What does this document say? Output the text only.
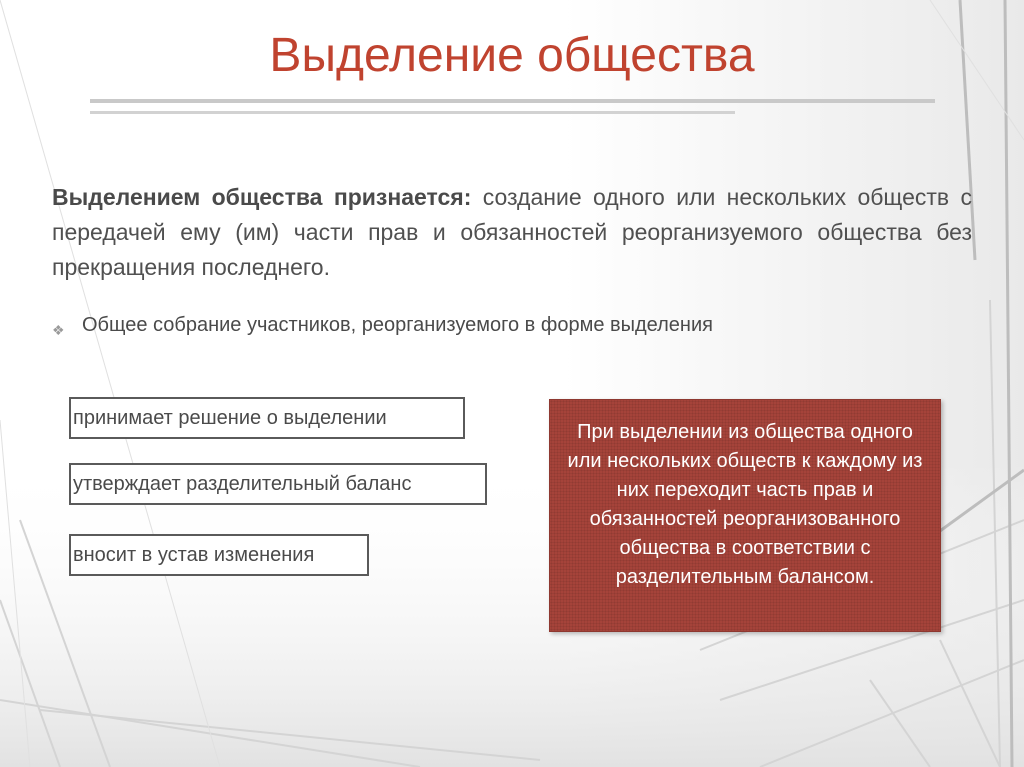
Выделение общества
Выделением общества признается: создание одного или нескольких обществ с передачей ему (им) части прав и обязанностей реорганизуемого общества без прекращения последнего.
❖ Общее собрание участников, реорганизуемого в форме выделения
принимает решение о выделении
утверждает разделительный баланс
вносит в устав изменения
При выделении из общества одного или нескольких обществ к каждому из них переходит часть прав и обязанностей реорганизованного общества в соответствии с разделительным балансом.
